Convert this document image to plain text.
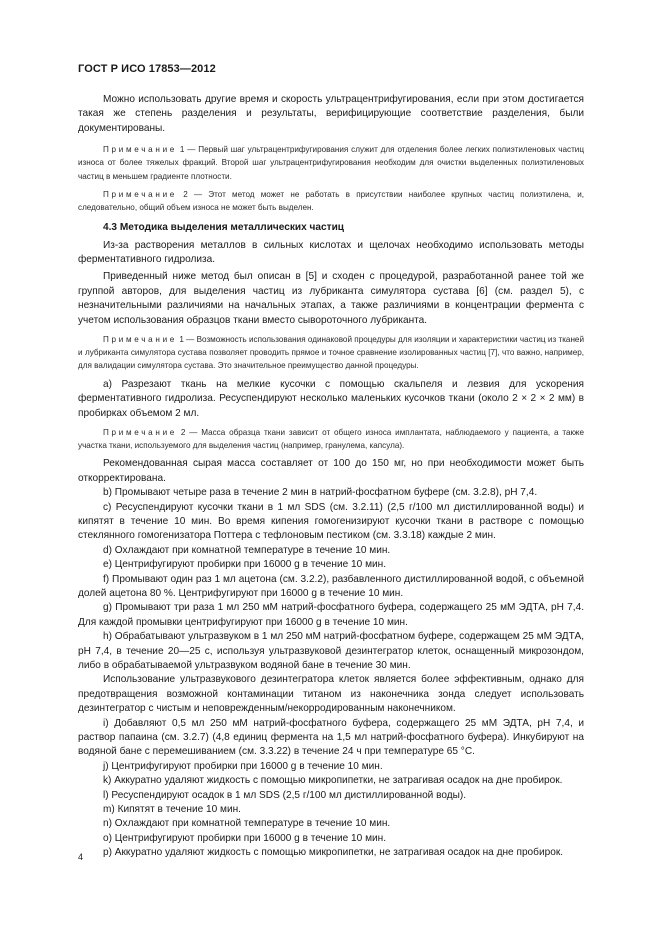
ГОСТ Р ИСО 17853—2012

Можно использовать другие время и скорость ультрацентрифугирования, если при этом достигается такая же степень разделения и результаты, верифицирующие соответствие разделения, были документированы.

Примечание 1 — Первый шаг ультрацентрифугирования служит для отделения более легких полиэтиленовых частиц износа от более тяжелых фракций. Второй шаг ультрацентрифугирования необходим для очистки выделенных полиэтиленовых частиц в меньшем градиенте плотности.

Примечание 2 — Этот метод может не работать в присутствии наиболее крупных частиц полиэтилена, и, следовательно, общий объем износа не может быть выделен.

4.3 Методика выделения металлических частиц

Из-за растворения металлов в сильных кислотах и щелочах необходимо использовать методы ферментативного гидролиза.

Приведенный ниже метод был описан в [5] и сходен с процедурой, разработанной ранее той же группой авторов, для выделения частиц из лубриканта симулятора сустава [6] (см. раздел 5), с незначительными различиями на начальных этапах, а также различиями в концентрации фермента с учетом использования образцов ткани вместо сывороточного лубриканта.

Примечание 1 — Возможность использования одинаковой процедуры для изоляции и характеристики частиц из тканей и лубриканта симулятора сустава позволяет проводить прямое и точное сравнение изолированных частиц [7], что важно, например, для валидации симулятора сустава. Это значительное преимущество данной процедуры.

a) Разрезают ткань на мелкие кусочки с помощью скальпеля и лезвия для ускорения ферментативного гидролиза. Ресуспендируют несколько маленьких кусочков ткани (около 2 × 2 × 2 мм) в пробирках объемом 2 мл.

Примечание 2 — Масса образца ткани зависит от общего износа имплантата, наблюдаемого у пациента, а также участка ткани, используемого для выделения частиц (например, гранулема, капсула).

Рекомендованная сырая масса составляет от 100 до 150 мг, но при необходимости может быть откорректирована.

b) Промывают четыре раза в течение 2 мин в натрий-фосфатном буфере (см. 3.2.8), pH 7,4.

c) Ресуспендируют кусочки ткани в 1 мл SDS (см. 3.2.11) (2,5 г/100 мл дистиллированной воды) и кипятят в течение 10 мин. Во время кипения гомогенизируют кусочки ткани в растворе с помощью стеклянного гомогенизатора Поттера с тефлоновым пестиком (см. 3.3.18) каждые 2 мин.

d) Охлаждают при комнатной температуре в течение 10 мин.

e) Центрифугируют пробирки при 16000 g в течение 10 мин.

f) Промывают один раз 1 мл ацетона (см. 3.2.2), разбавленного дистиллированной водой, с объемной долей ацетона 80 %. Центрифугируют при 16000 g в течение 10 мин.

g) Промывают три раза 1 мл 250 мМ натрий-фосфатного буфера, содержащего 25 мМ ЭДТА, pH 7,4. Для каждой промывки центрифугируют при 16000 g в течение 10 мин.

h) Обрабатывают ультразвуком в 1 мл 250 мМ натрий-фосфатном буфере, содержащем 25 мМ ЭДТА, pH 7,4, в течение 20—25 с, используя ультразвуковой дезинтегратор клеток, оснащенный микрозондом, либо в обрабатываемой ультразвуком водяной бане в течение 30 мин.

Использование ультразвукового дезинтегратора клеток является более эффективным, однако для предотвращения возможной контаминации титаном из наконечника зонда следует использовать дезинтегратор с чистым и неповрежденным/некорродированным наконечником.

i) Добавляют 0,5 мл 250 мМ натрий-фосфатного буфера, содержащего 25 мМ ЭДТА, pH 7,4, и раствор папаина (см. 3.2.7) (4,8 единиц фермента на 1,5 мл натрий-фосфатного буфера). Инкубируют на водяной бане с перемешиванием (см. 3.3.22) в течение 24 ч при температуре 65 °С.

j) Центрифугируют пробирки при 16000 g в течение 10 мин.

k) Аккуратно удаляют жидкость с помощью микропипетки, не затрагивая осадок на дне пробирок.

l) Ресуспендируют осадок в 1 мл SDS (2,5 г/100 мл дистиллированной воды).

m) Кипятят в течение 10 мин.

n) Охлаждают при комнатной температуре в течение 10 мин.

o) Центрифугируют пробирки при 16000 g в течение 10 мин.

p) Аккуратно удаляют жидкость с помощью микропипетки, не затрагивая осадок на дне пробирок.

4
